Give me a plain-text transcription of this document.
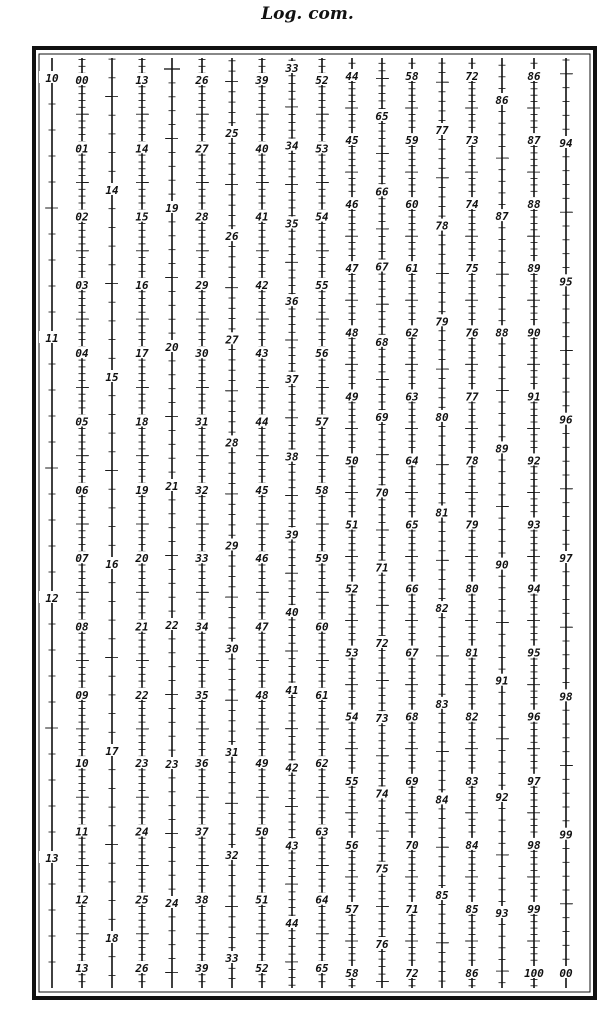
Log. com.
10
11
12
13
00
01
02
03
04
05
06
07
08
09
10
11
12
13
14
15
16
17
18
13
14
15
16
17
18
19
20
21
22
23
24
25
26
19
20
21
22
23
24
26
27
28
29
30
31
32
33
34
35
36
37
38
39
25
26
27
28
29
30
31
32
33
39
40
41
42
43
44
45
46
47
48
49
50
51
52
33
34
35
36
37
38
39
40
41
42
43
44
52
53
54
55
56
57
58
59
60
61
62
63
64
65
44
45
46
47
48
49
50
51
52
53
54
55
56
57
58
65
66
67
68
69
70
71
72
73
74
75
76
58
59
60
61
62
63
64
65
66
67
68
69
70
71
72
77
78
79
80
81
82
83
84
85
72
73
74
75
76
77
78
79
80
81
82
83
84
85
86
86
87
88
89
90
91
92
93
86
87
88
89
90
91
92
93
94
95
96
97
98
99
100
94
95
96
97
98
99
00
